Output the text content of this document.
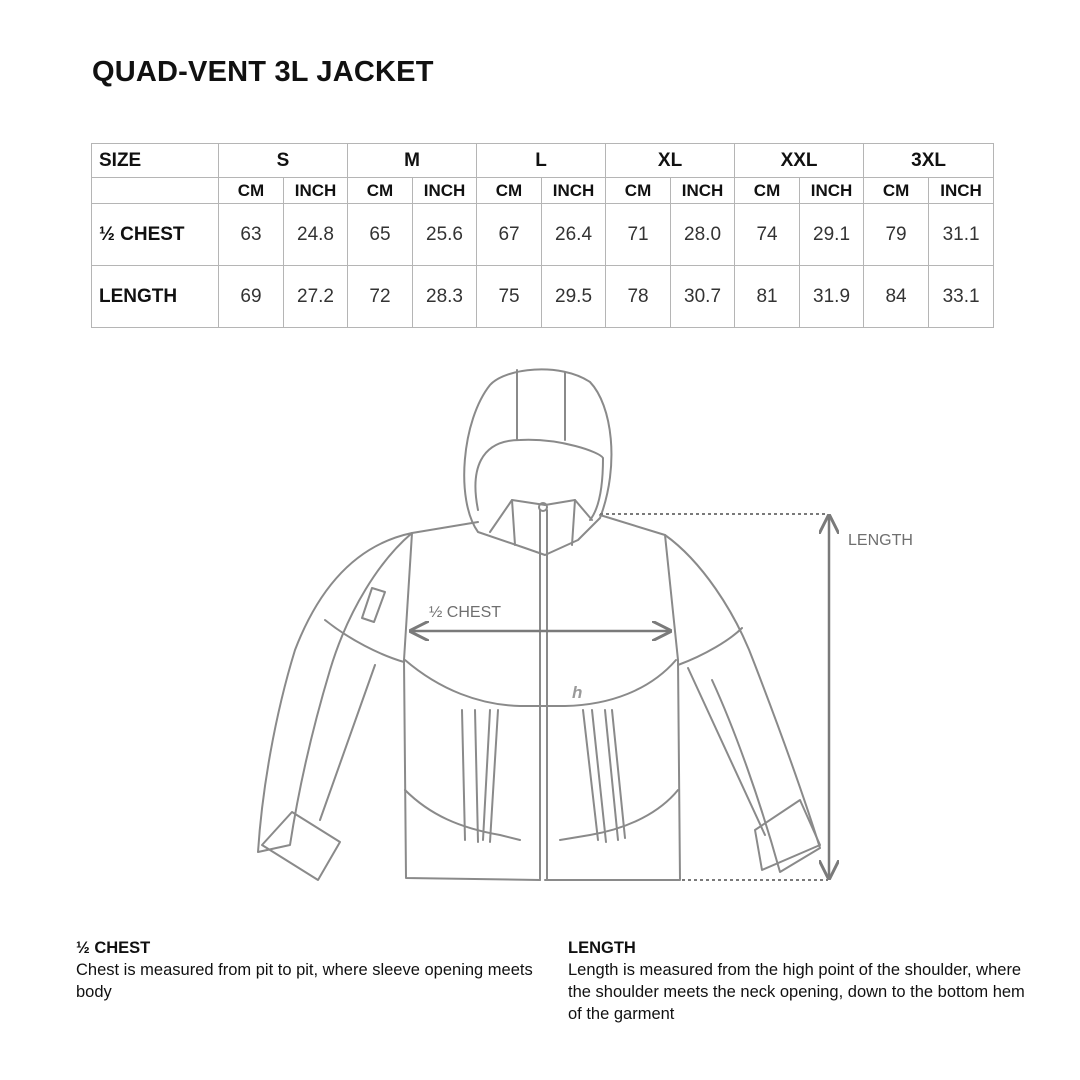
QUAD-VENT 3L JACKET
SIZE	S		M		L		XL		XXL		3XL	
	CM	INCH	CM	INCH	CM	INCH	CM	INCH	CM	INCH	CM	INCH
½ CHEST	63	24.8	65	25.6	67	26.4	71	28.0	74	29.1	79	31.1
LENGTH	69	27.2	72	28.3	75	29.5	78	30.7	81	31.9	84	33.1
h
½ CHEST
LENGTH
½ CHEST
Chest is measured from pit to pit, where sleeve opening meets body
LENGTH
Length is measured from the high point of the shoulder, where the shoulder meets the neck opening, down to the bottom hem of the garment
